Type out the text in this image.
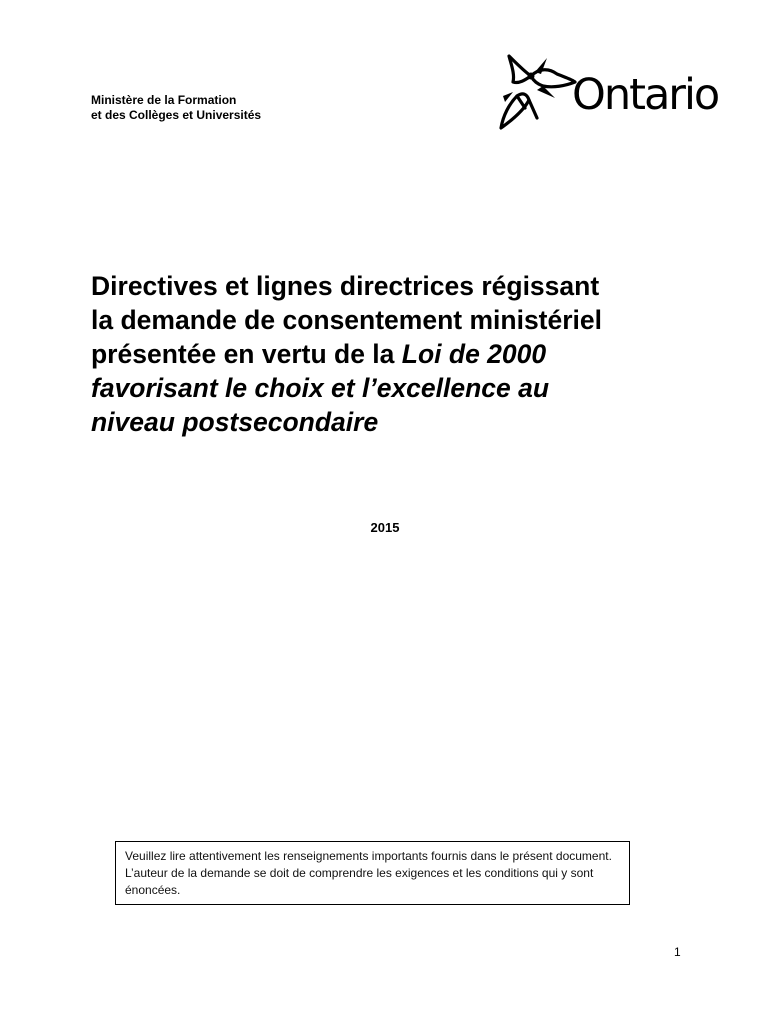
Ministère de la Formation
et des Collèges et Universités	Ontario
Directives et lignes directrices régissant
la demande de consentement ministériel
présentée en vertu de la Loi de 2000
favorisant le choix et l’excellence au
niveau postsecondaire
2015
Veuillez lire attentivement les renseignements importants fournis dans le présent document. L’auteur de la demande se doit de comprendre les exigences et les conditions qui y sont énoncées.
1
